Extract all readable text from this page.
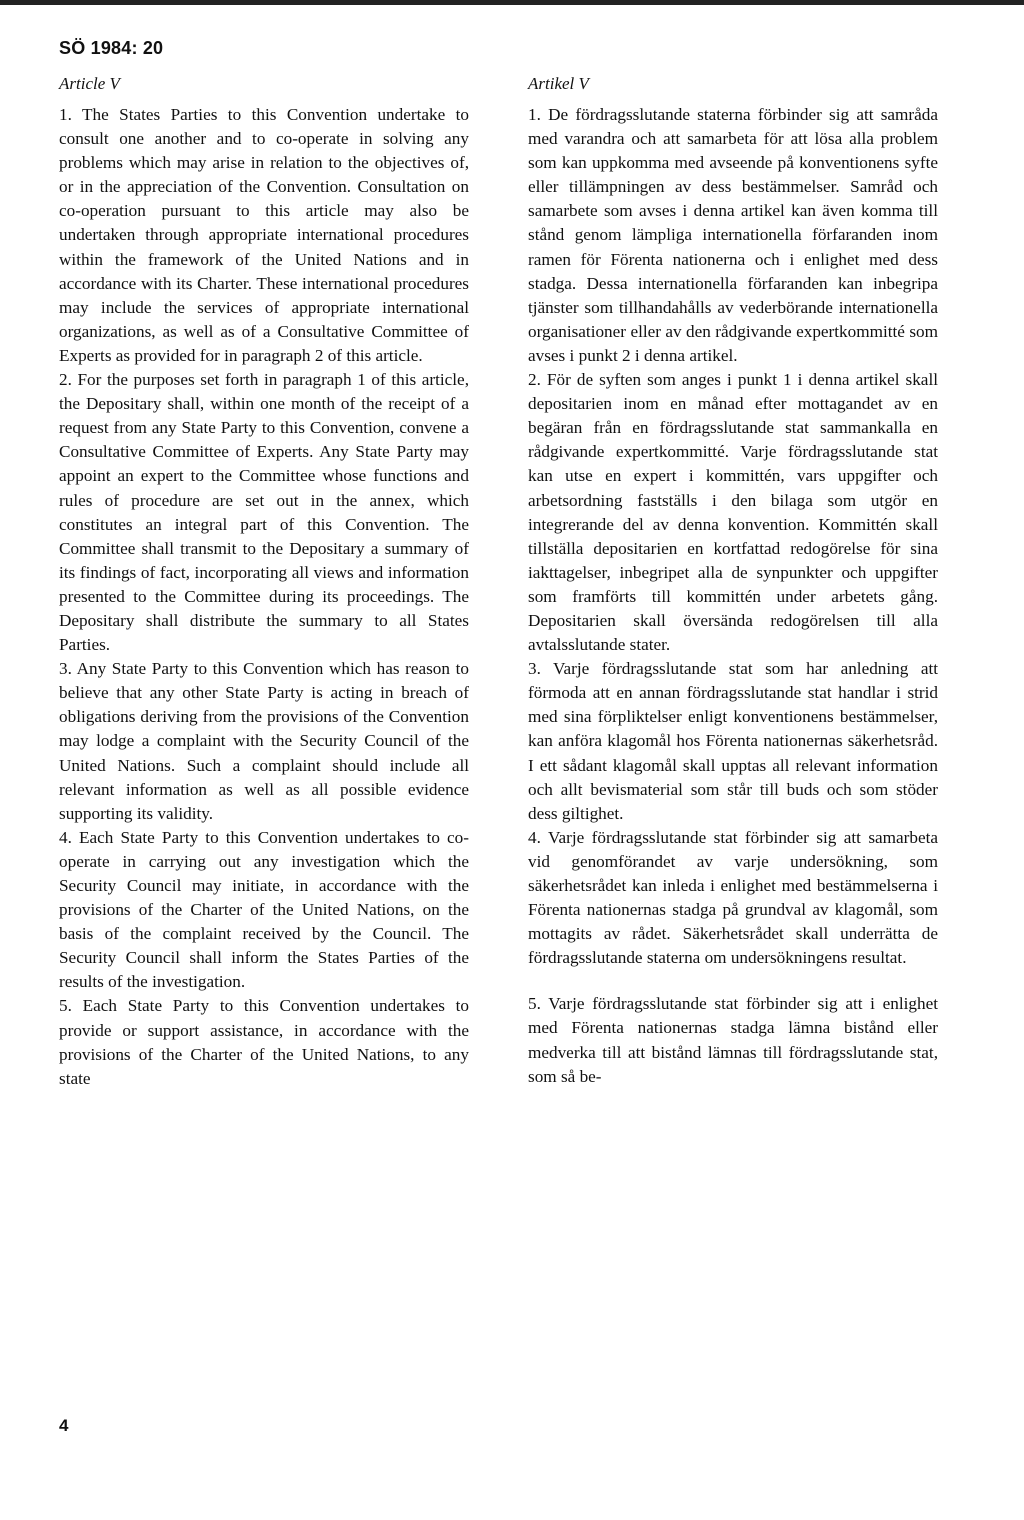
SÖ 1984: 20

Article V

1. The States Parties to this Convention undertake to consult one another and to co-operate in solving any problems which may arise in relation to the objectives of, or in the appreciation of the Convention. Consultation on co-operation pursuant to this article may also be undertaken through appropriate international procedures within the framework of the United Nations and in accordance with its Charter. These international procedures may include the services of appropriate international organizations, as well as of a Consultative Committee of Experts as provided for in paragraph 2 of this article.

2. For the purposes set forth in paragraph 1 of this article, the Depositary shall, within one month of the receipt of a request from any State Party to this Convention, convene a Consultative Committee of Experts. Any State Party may appoint an expert to the Committee whose functions and rules of procedure are set out in the annex, which constitutes an integral part of this Convention. The Committee shall transmit to the Depositary a summary of its findings of fact, incorporating all views and information presented to the Committee during its proceedings. The Depositary shall distribute the summary to all States Parties.

3. Any State Party to this Convention which has reason to believe that any other State Party is acting in breach of obligations deriving from the provisions of the Convention may lodge a complaint with the Security Council of the United Nations. Such a complaint should include all relevant information as well as all possible evidence supporting its validity.

4. Each State Party to this Convention undertakes to co-operate in carrying out any investigation which the Security Council may initiate, in accordance with the provisions of the Charter of the United Nations, on the basis of the complaint received by the Council. The Security Council shall inform the States Parties of the results of the investigation.

5. Each State Party to this Convention undertakes to provide or support assistance, in accordance with the provisions of the Charter of the United Nations, to any state

Artikel V

1. De fördragsslutande staterna förbinder sig att samråda med varandra och att samarbeta för att lösa alla problem som kan uppkomma med avseende på konventionens syfte eller tillämpningen av dess bestämmelser. Samråd och samarbete som avses i denna artikel kan även komma till stånd genom lämpliga internationella förfaranden inom ramen för Förenta nationerna och i enlighet med dess stadga. Dessa internationella förfaranden kan inbegripa tjänster som tillhandahålls av vederbörande internationella organisationer eller av den rådgivande expertkommitté som avses i punkt 2 i denna artikel.

2. För de syften som anges i punkt 1 i denna artikel skall depositarien inom en månad efter mottagandet av en begäran från en fördragsslutande stat sammankalla en rådgivande expertkommitté. Varje fördragsslutande stat kan utse en expert i kommittén, vars uppgifter och arbetsordning fastställs i den bilaga som utgör en integrerande del av denna konvention. Kommittén skall tillställa depositarien en kortfattad redogörelse för sina iakttagelser, inbegripet alla de synpunkter och uppgifter som framförts till kommittén under arbetets gång. Depositarien skall översända redogörelsen till alla avtalsslutande stater.

3. Varje fördragsslutande stat som har anledning att förmoda att en annan fördragsslutande stat handlar i strid med sina förpliktelser enligt konventionens bestämmelser, kan anföra klagomål hos Förenta nationernas säkerhetsråd. I ett sådant klagomål skall upptas all relevant information och allt bevismaterial som står till buds och som stöder dess giltighet.

4. Varje fördragsslutande stat förbinder sig att samarbeta vid genomförandet av varje undersökning, som säkerhetsrådet kan inleda i enlighet med bestämmelserna i Förenta nationernas stadga på grundval av klagomål, som mottagits av rådet. Säkerhetsrådet skall underrätta de fördragsslutande staterna om undersökningens resultat.

5. Varje fördragsslutande stat förbinder sig att i enlighet med Förenta nationernas stadga lämna bistånd eller medverka till att bistånd lämnas till fördragsslutande stat, som så be-

4
